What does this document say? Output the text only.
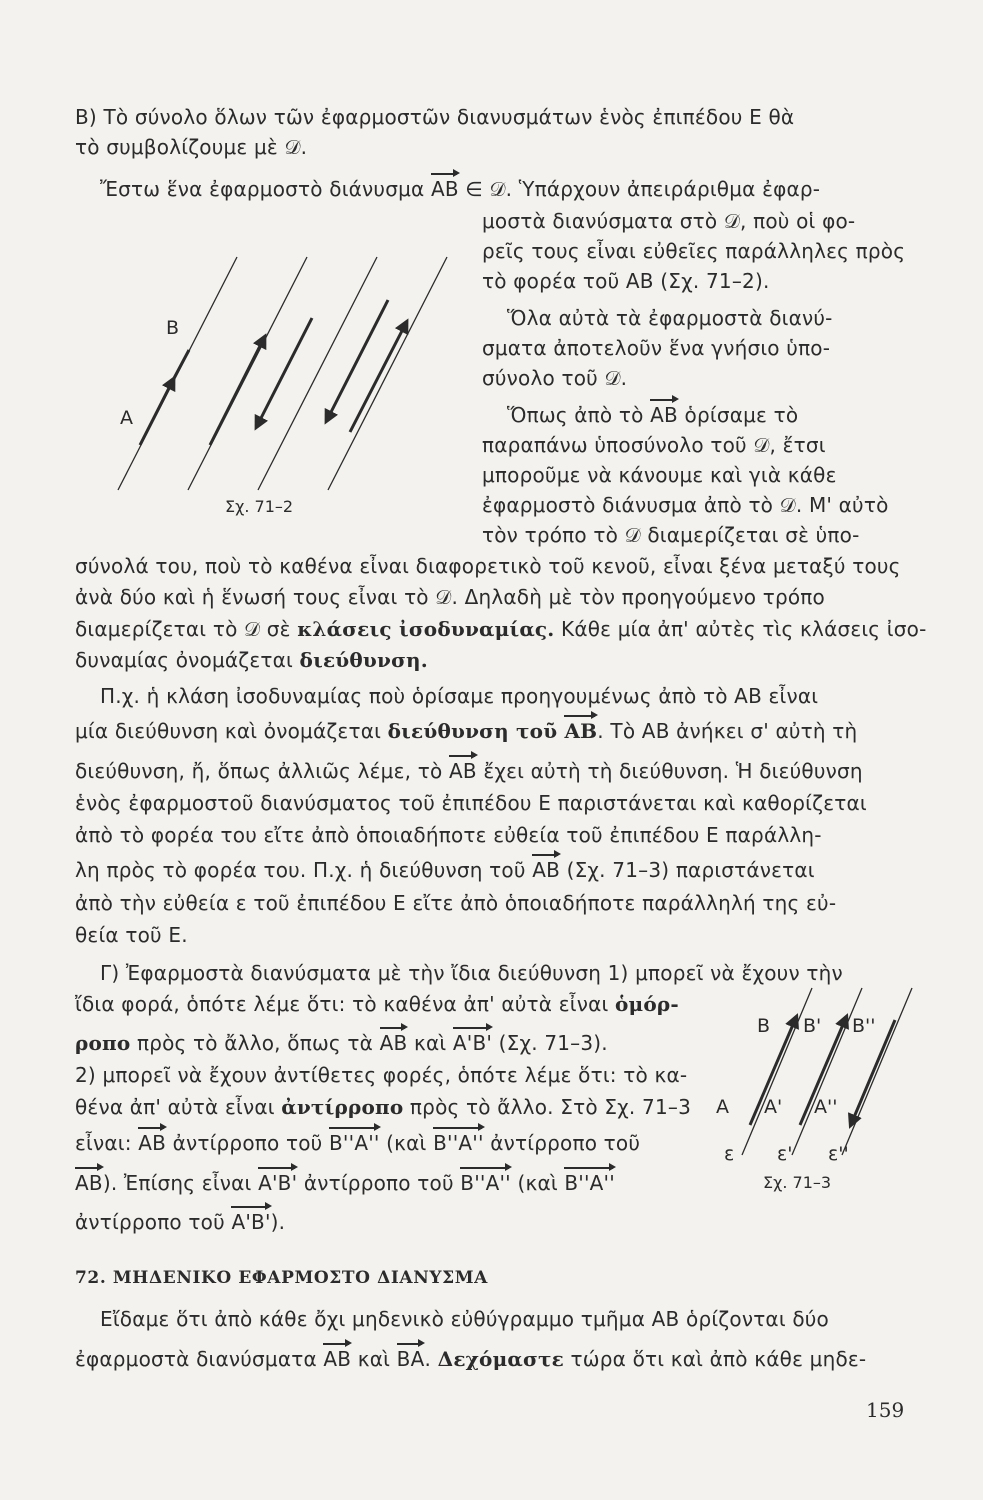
B) Τὸ σύνολο ὅλων τῶν ἐφαρμοστῶν διανυσμάτων ἑνὸς ἐπιπέδου Ε θὰ
τὸ συμβολίζουμε μὲ 𝒟.
Ἔστω ἕνα ἐφαρμοστὸ διάνυσμα AB ∈ 𝒟. Ὑπάρχουν ἀπειράριθμα ἐφαρ-
μοστὰ διανύσματα στὸ 𝒟, ποὺ οἱ φο-
ρεῖς τους εἶναι εὐθεῖες παράλληλες πρὸς
τὸ φορέα τοῦ AB (Σχ. 71–2).
Ὅλα αὐτὰ τὰ ἐφαρμοστὰ διανύ-
σματα ἀποτελοῦν ἕνα γνήσιο ὑπο-
σύνολο τοῦ 𝒟.
Ὅπως ἀπὸ τὸ AB ὁρίσαμε τὸ
παραπάνω ὑποσύνολο τοῦ 𝒟, ἔτσι
μποροῦμε νὰ κάνουμε καὶ γιὰ κάθε
ἐφαρμοστὸ διάνυσμα ἀπὸ τὸ 𝒟. Μ' αὐτὸ
τὸν τρόπο τὸ 𝒟 διαμερίζεται σὲ ὑπο-
σύνολά του, ποὺ τὸ καθένα εἶναι διαφορετικὸ τοῦ κενοῦ, εἶναι ξένα μεταξύ τους
ἀνὰ δύο καὶ ἡ ἕνωσή τους εἶναι τὸ 𝒟. Δηλαδὴ μὲ τὸν προηγούμενο τρόπο
διαμερίζεται τὸ 𝒟 σὲ κλάσεις ἰσοδυναμίας. Κάθε μία ἀπ' αὐτὲς τὶς κλάσεις ἰσο-
δυναμίας ὀνομάζεται διεύθυνση.
Π.χ. ἡ κλάση ἰσοδυναμίας ποὺ ὁρίσαμε προηγουμένως ἀπὸ τὸ AB εἶναι
μία διεύθυνση καὶ ὀνομάζεται διεύθυνση τοῦ AB. Τὸ AB ἀνήκει σ' αὐτὴ τὴ
διεύθυνση, ἤ, ὅπως ἀλλιῶς λέμε, τὸ AB ἔχει αὐτὴ τὴ διεύθυνση. Ἡ διεύθυνση
ἑνὸς ἐφαρμοστοῦ διανύσματος τοῦ ἐπιπέδου Ε παριστάνεται καὶ καθορίζεται
ἀπὸ τὸ φορέα του εἴτε ἀπὸ ὁποιαδήποτε εὐθεία τοῦ ἐπιπέδου Ε παράλλη-
λη πρὸς τὸ φορέα του. Π.χ. ἡ διεύθυνση τοῦ AB (Σχ. 71–3) παριστάνεται
ἀπὸ τὴν εὐθεία ε τοῦ ἐπιπέδου Ε εἴτε ἀπὸ ὁποιαδήποτε παράλληλή της εὐ-
θεία τοῦ Ε.
Γ) Ἐφαρμοστὰ διανύσματα μὲ τὴν ἴδια διεύθυνση 1) μπορεῖ νὰ ἔχουν τὴν
ἴδια φορά, ὁπότε λέμε ὅτι: τὸ καθένα ἀπ' αὐτὰ εἶναι ὁμόρ-
ροπο πρὸς τὸ ἄλλο, ὅπως τὰ AB καὶ A'B' (Σχ. 71–3).
2) μπορεῖ νὰ ἔχουν ἀντίθετες φορές, ὁπότε λέμε ὅτι: τὸ κα-
θένα ἀπ' αὐτὰ εἶναι ἀντίρροπο πρὸς τὸ ἄλλο. Στὸ Σχ. 71–3
εἶναι: AB ἀντίρροπο τοῦ B''A'' (καὶ B''A'' ἀντίρροπο τοῦ
AB). Ἐπίσης εἶναι A'B' ἀντίρροπο τοῦ B''A'' (καὶ B''A''
ἀντίρροπο τοῦ A'B').
72. ΜΗΔΕΝΙΚΟ ΕΦΑΡΜΟΣΤΟ ΔΙΑΝΥΣΜΑ
Εἴδαμε ὅτι ἀπὸ κάθε ὄχι μηδενικὸ εὐθύγραμμο τμῆμα AB ὁρίζονται δύο
ἐφαρμοστὰ διανύσματα AB καὶ BA. Δεχόμαστε τώρα ὅτι καὶ ἀπὸ κάθε μηδε-
B
A
Σχ. 71–2
B B' B''
A A' A''
ε ε' ε''
Σχ. 71–3
159
